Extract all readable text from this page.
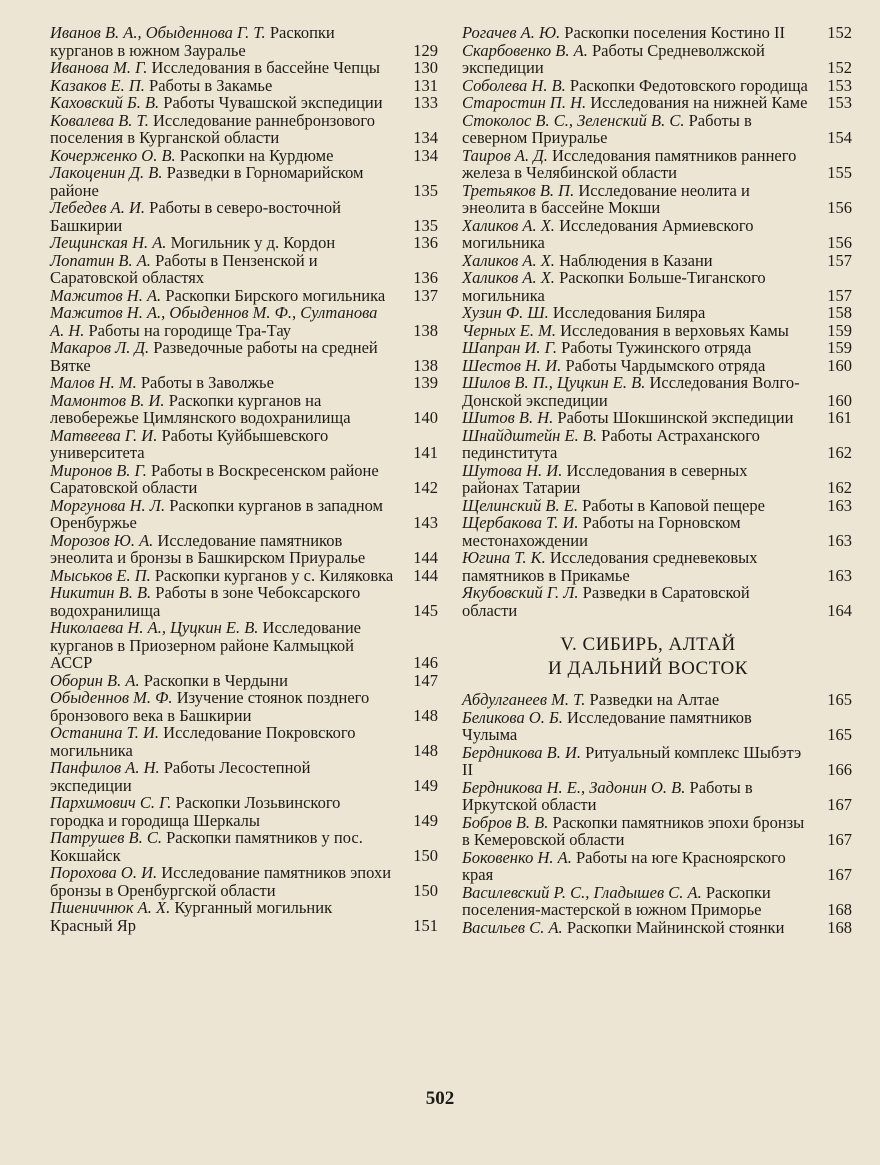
Иванов В. А., Обыденнова Г. Т. Раскопки курганов в южном Зауралье	129
Иванова М. Г. Исследования в бассейне Чепцы	130
Казаков Е. П. Работы в Закамье	131
Каховский Б. В. Работы Чувашской экспедиции	133
Ковалева В. Т. Исследование раннебронзового поселения в Курганской области	134
Кочерженко О. В. Раскопки на Курдюме	134
Лакоценин Д. В. Разведки в Горномарийском районе	135
Лебедев А. И. Работы в северо-восточной Башкирии	135
Лещинская Н. А. Могильник у д. Кордон	136
Лопатин В. А. Работы в Пензенской и Саратовской областях	136
Мажитов Н. А. Раскопки Бирского могильника	137
Мажитов Н. А., Обыденнов М. Ф., Султанова А. Н. Работы на городище Тра-Тау	138
Макаров Л. Д. Разведочные работы на средней Вятке	138
Малов Н. М. Работы в Заволжье	139
Мамонтов В. И. Раскопки курганов на левобережье Цимлянского водохранилища	140
Матвеева Г. И. Работы Куйбышевского университета	141
Миронов В. Г. Работы в Воскресенском районе Саратовской области	142
Моргунова Н. Л. Раскопки курганов в западном Оренбуржье	143
Морозов Ю. А. Исследование памятников энеолита и бронзы в Башкирском Приуралье	144
Мыськов Е. П. Раскопки курганов у с. Киляковка 144
Никитин В. В. Работы в зоне Чебоксарского водохранилища	145
Николаева Н. А., Цуцкин Е. В. Исследование курганов в Приозерном районе Калмыцкой АССР	146
Оборин В. А. Раскопки в Чердыни	147
Обыденнов М. Ф. Изучение стоянок позднего бронзового века в Башкирии	148
Останина Т. И. Исследование Покровского могильника	148
Панфилов А. Н. Работы Лесостепной экспедиции	149
Пархимович С. Г. Раскопки Лозьвинского городка и городища Шеркалы	149
Патрушев В. С. Раскопки памятников у пос. Кокшайск	150
Порохова О. И. Исследование памятников эпохи бронзы в Оренбургской области	150
Пшеничнюк А. Х. Курганный могильник Красный Яр	151
Рогачев А. Ю. Раскопки поселения Костино II	152
Скарбовенко В. А. Работы Средневолжской экспедиции	152
Соболева Н. В. Раскопки Федотовского городища 153
Старостин П. Н. Исследования на нижней Каме 153
Стоколос В. С., Зеленский В. С. Работы в северном Приуралье	154
Таиров А. Д. Исследования памятников раннего железа в Челябинской области	155
Третьяков В. П. Исследование неолита и энеолита в бассейне Мокши	156
Халиков А. Х. Исследования Армиевского могильника	156
Халиков А. Х. Наблюдения в Казани	157
Халиков А. Х. Раскопки Больше-Тиганского могильника	157
Хузин Ф. Ш. Исследования Биляра	158
Черных Е. М. Исследования в верховьях Камы	159
Шапран И. Г. Работы Тужинского отряда	159
Шестов Н. И. Работы Чардымского отряда	160
Шилов В. П., Цуцкин Е. В. Исследования Волго-Донской экспедиции	160
Шитов В. Н. Работы Шокшинской экспедиции	161
Шнайдштейн Е. В. Работы Астраханского пединститута	162
Шутова Н. И. Исследования в северных районах Татарии	162
Щелинский В. Е. Работы в Каповой пещере	163
Щербакова Т. И. Работы на Горновском местонахождении	163
Югина Т. К. Исследования средневековых памятников в Прикамье	163
Якубовский Г. Л. Разведки в Саратовской области	164
V. СИБИРЬ, АЛТАЙ
И ДАЛЬНИЙ ВОСТОК
Абдулганеев М. Т. Разведки на Алтае	165
Беликова О. Б. Исследование памятников Чулыма	165
Бердникова В. И. Ритуальный комплекс Шыбэтэ II	166
Бердникова Н. Е., Задонин О. В. Работы в Иркутской области	167
Бобров В. В. Раскопки памятников эпохи бронзы в Кемеровской области	167
Боковенко Н. А. Работы на юге Красноярского края	167
Василевский Р. С., Гладышев С. А. Раскопки поселения-мастерской в южном Приморье	168
Васильев С. А. Раскопки Майнинской стоянки	168
502
